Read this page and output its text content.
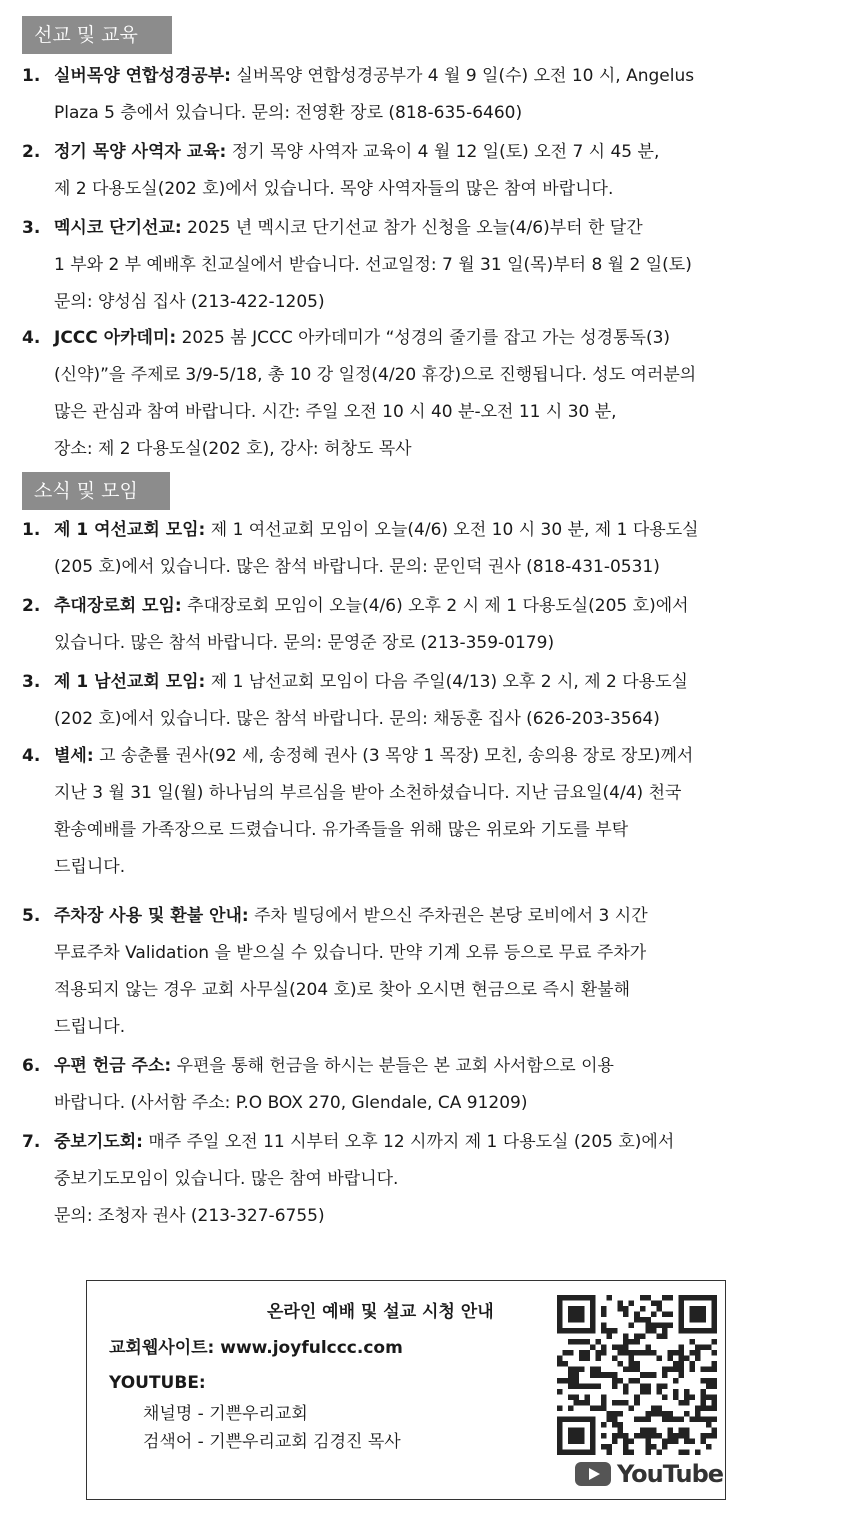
선교 및 교육
1. 실버목양 연합성경공부: 실버목양 연합성경공부가 4 월 9 일(수) 오전 10 시, Angelus
Plaza 5 층에서 있습니다. 문의: 전영환 장로 (818-635-6460)
2. 정기 목양 사역자 교육: 정기 목양 사역자 교육이 4 월 12 일(토) 오전 7 시 45 분,
제 2 다용도실(202 호)에서 있습니다. 목양 사역자들의 많은 참여 바랍니다.
3. 멕시코 단기선교: 2025 년 멕시코 단기선교 참가 신청을 오늘(4/6)부터 한 달간
1 부와 2 부 예배후 친교실에서 받습니다. 선교일정: 7 월 31 일(목)부터 8 월 2 일(토)
문의: 양성심 집사 (213-422-1205)
4. JCCC 아카데미: 2025 봄 JCCC 아카데미가 “성경의 줄기를 잡고 가는 성경통독(3)
(신약)”을 주제로 3/9-5/18, 총 10 강 일정(4/20 휴강)으로 진행됩니다. 성도 여러분의
많은 관심과 참여 바랍니다. 시간: 주일 오전 10 시 40 분-오전 11 시 30 분,
장소: 제 2 다용도실(202 호), 강사: 허창도 목사
소식 및 모임
1. 제 1 여선교회 모임: 제 1 여선교회 모임이 오늘(4/6) 오전 10 시 30 분, 제 1 다용도실
(205 호)에서 있습니다. 많은 참석 바랍니다. 문의: 문인덕 권사 (818-431-0531)
2. 추대장로회 모임: 추대장로회 모임이 오늘(4/6) 오후 2 시 제 1 다용도실(205 호)에서
있습니다. 많은 참석 바랍니다. 문의: 문영준 장로 (213-359-0179)
3. 제 1 남선교회 모임: 제 1 남선교회 모임이 다음 주일(4/13) 오후 2 시, 제 2 다용도실
(202 호)에서 있습니다. 많은 참석 바랍니다. 문의: 채동훈 집사 (626-203-3564)
4. 별세: 고 송춘률 권사(92 세, 송정혜 권사 (3 목양 1 목장) 모친, 송의용 장로 장모)께서
지난 3 월 31 일(월) 하나님의 부르심을 받아 소천하셨습니다. 지난 금요일(4/4) 천국
환송예배를 가족장으로 드렸습니다. 유가족들을 위해 많은 위로와 기도를 부탁
드립니다.
5. 주차장 사용 및 환불 안내: 주차 빌딩에서 받으신 주차권은 본당 로비에서 3 시간
무료주차 Validation 을 받으실 수 있습니다. 만약 기계 오류 등으로 무료 주차가
적용되지 않는 경우 교회 사무실(204 호)로 찾아 오시면 현금으로 즉시 환불해
드립니다.
6. 우편 헌금 주소: 우편을 통해 헌금을 하시는 분들은 본 교회 사서함으로 이용
바랍니다. (사서함 주소: P.O BOX 270, Glendale, CA 91209)
7. 중보기도회: 매주 주일 오전 11 시부터 오후 12 시까지 제 1 다용도실 (205 호)에서
중보기도모임이 있습니다. 많은 참여 바랍니다.
문의: 조청자 권사 (213-327-6755)
온라인 예배 및 설교 시청 안내
교회웹사이트: www.joyfulccc.com
YOUTUBE:
채널명 - 기쁜우리교회
검색어 - 기쁜우리교회 김경진 목사
YouTube
